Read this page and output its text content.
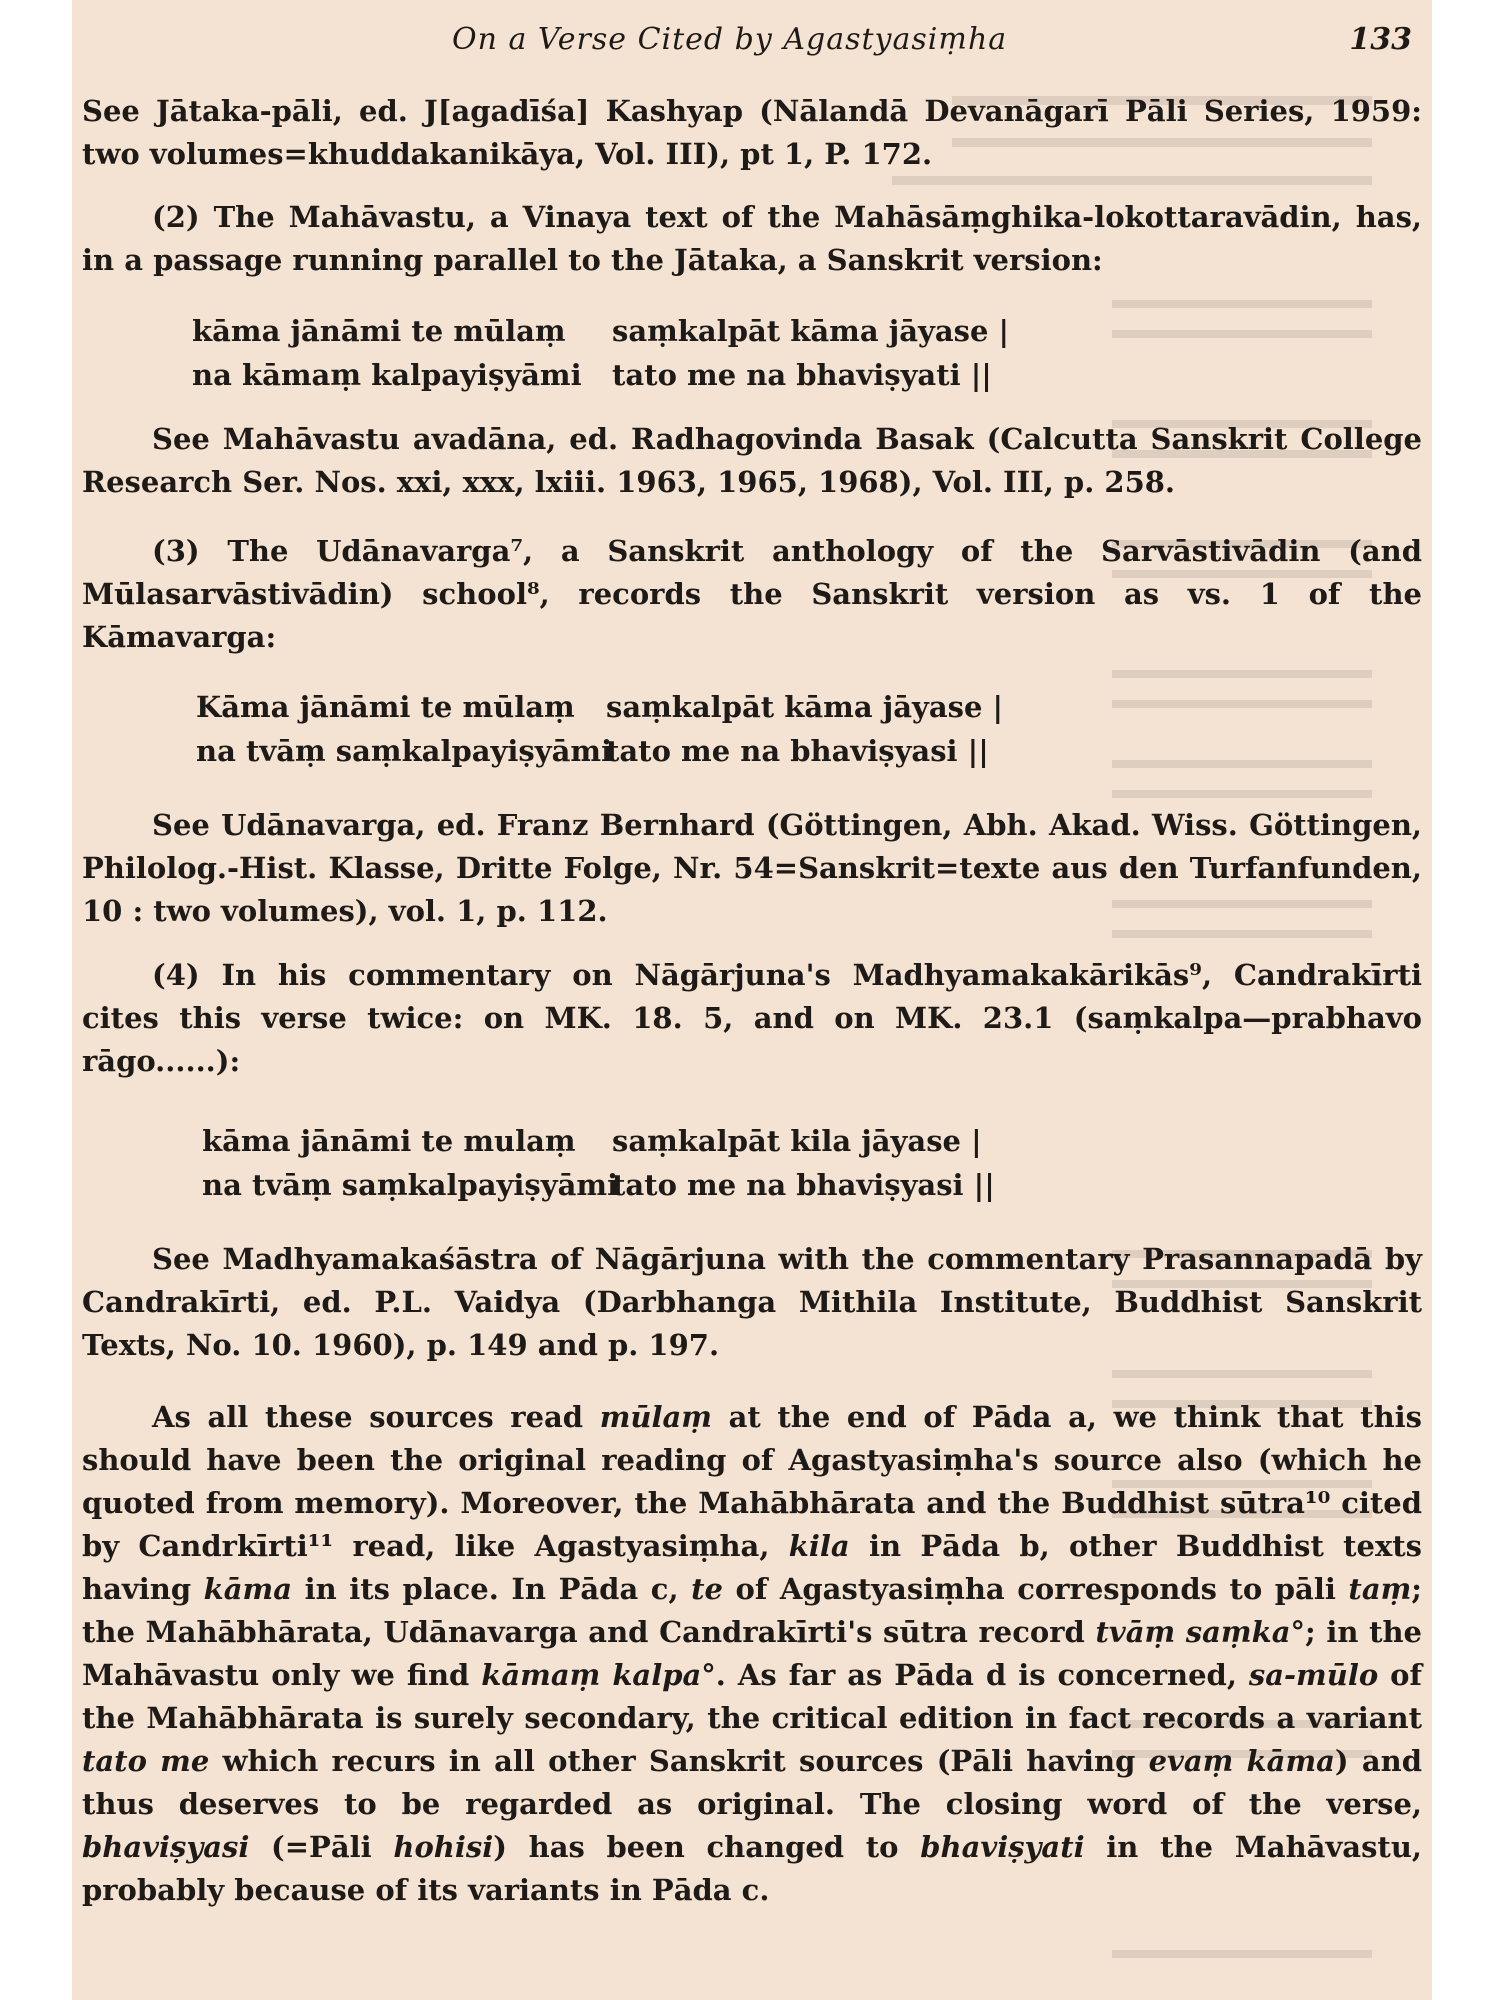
On a Verse Cited by Agastyasiṃha	133

See Jātaka-pāli, ed. J[agadīśa] Kashyap (Nālandā Devanāgarī Pāli Series, 1959: two volumes=khuddakanikāya, Vol. III), pt 1, P. 172.

(2) The Mahāvastu, a Vinaya text of the Mahāsāṃghika-lokottaravādin, has, in a passage running parallel to the Jātaka, a Sanskrit version:

kāma jānāmi te mūlaṃ saṃkalpāt kāma jāyase |
na kāmaṃ kalpayiṣyāmi tato me na bhaviṣyati ||

See Mahāvastu avadāna, ed. Radhagovinda Basak (Calcutta Sanskrit College Research Ser. Nos. xxi, xxx, lxiii. 1963, 1965, 1968), Vol. III, p. 258.

(3) The Udānavarga⁷, a Sanskrit anthology of the Sarvāstivādin (and Mūlasarvāstivādin) school⁸, records the Sanskrit version as vs. 1 of the Kāmavarga:

Kāma jānāmi te mūlaṃ saṃkalpāt kāma jāyase |
na tvāṃ saṃkalpayiṣyāmi
tato me na bhaviṣyasi ||

See Udānavarga, ed. Franz Bernhard (Göttingen, Abh. Akad. Wiss. Göttingen, Philolog.-Hist. Klasse, Dritte Folge, Nr. 54=Sanskrit=texte aus den Turfanfunden, 10 : two volumes), vol. 1, p. 112.

(4) In his commentary on Nāgārjuna's Madhyamakakārikās⁹, Candrakīrti cites this verse twice: on MK. 18. 5, and on MK. 23.1 (saṃkalpa—prabhavo rāgo......):

kāma jānāmi te mulaṃ saṃkalpāt kila jāyase |
na tvāṃ saṃkalpayiṣyāmi
tato me na bhaviṣyasi ||

See Madhyamakaśāstra of Nāgārjuna with the commentary Prasannapadā by Candrakīrti, ed. P.L. Vaidya (Darbhanga Mithila Institute, Buddhist Sanskrit Texts, No. 10. 1960), p. 149 and p. 197.

As all these sources read mūlaṃ at the end of Pāda a, we think that this should have been the original reading of Agastyasiṃha's source also (which he quoted from memory). Moreover, the Mahābhārata and the Buddhist sūtra¹⁰ cited by Candrkīrti¹¹ read, like Agastyasiṃha, kila in Pāda b, other Buddhist texts having kāma in its place. In Pāda c, te of Agastyasiṃha corresponds to pāli taṃ; the Mahābhārata, Udānavarga and Candrakīrti's sūtra record tvāṃ saṃka°; in the Mahāvastu only we find kāmaṃ kalpa°. As far as Pāda d is concerned, sa-mūlo of the Mahābhārata is surely secondary, the critical edition in fact records a variant tato me which recurs in all other Sanskrit sources (Pāli having evaṃ kāma) and thus deserves to be regarded as original. The closing word of the verse, bhaviṣyasi (=Pāli hohisi) has been changed to bhaviṣyati in the Mahāvastu, probably because of its variants in Pāda c.
